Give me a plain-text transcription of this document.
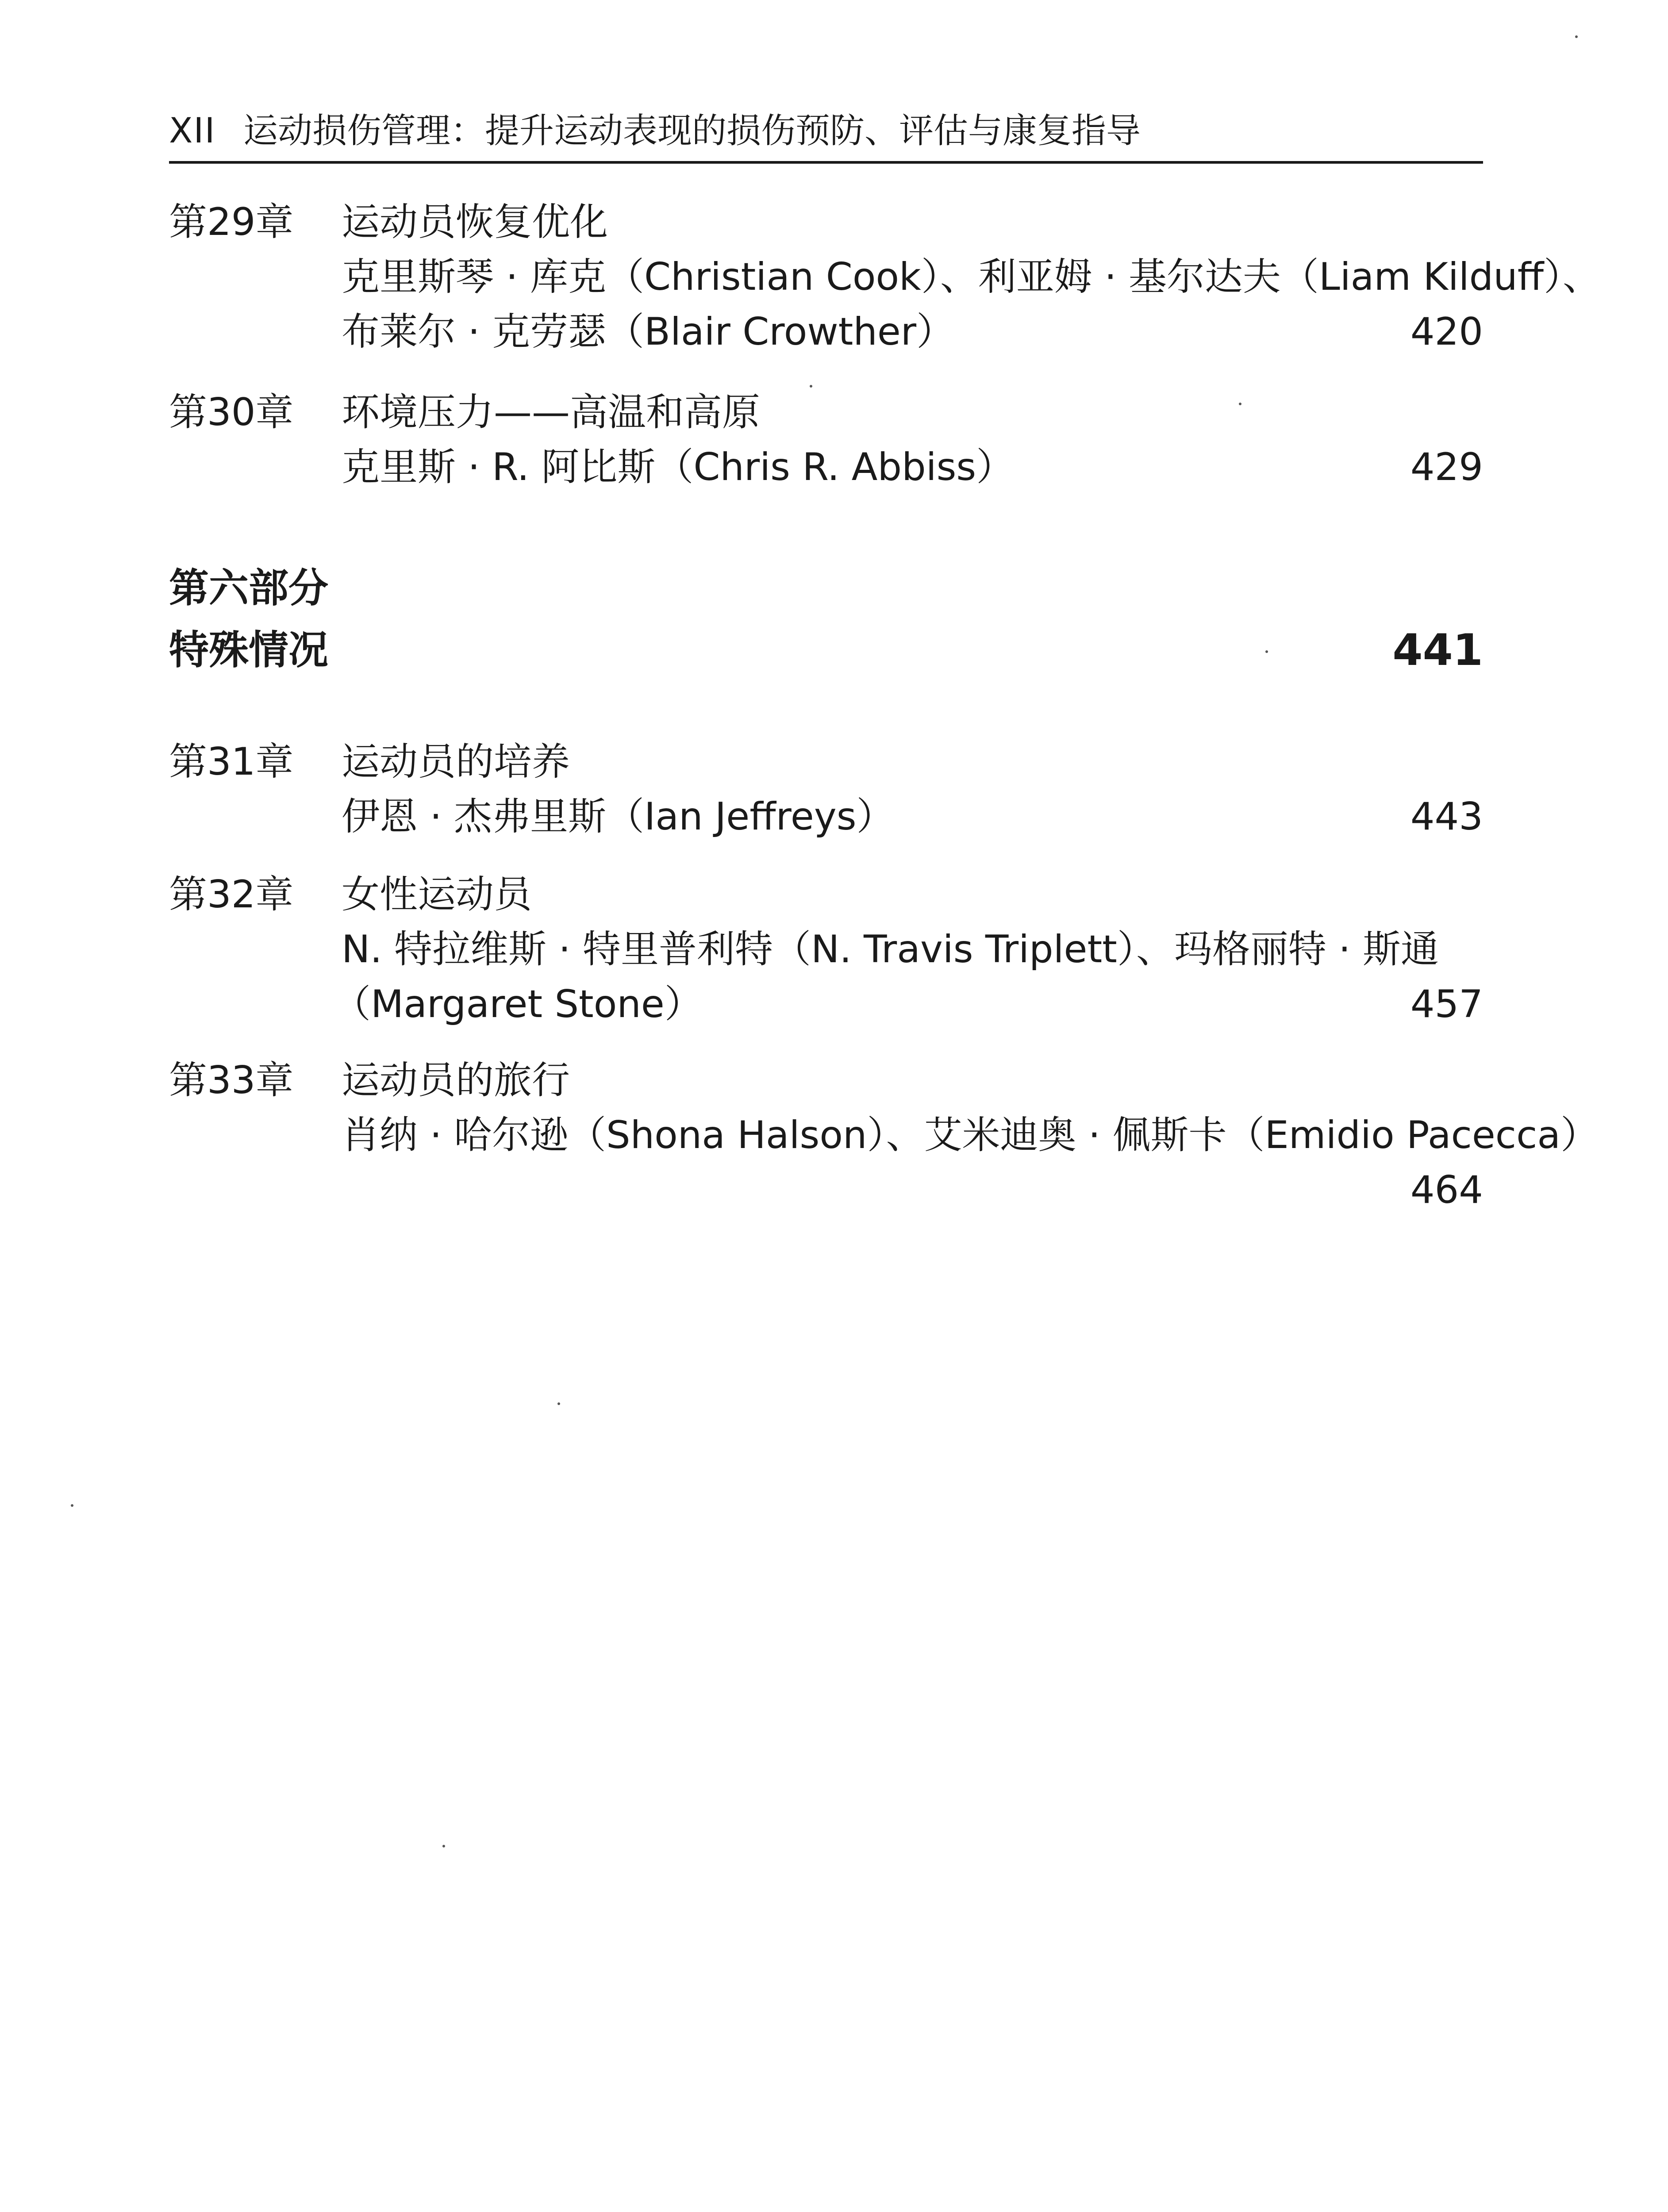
XII 运动损伤管理：提升运动表现的损伤预防、评估与康复指导
第29章 运动员恢复优化
克里斯琴 · 库克（Christian Cook）、利亚姆 · 基尔达夫（Liam Kilduff）、
布莱尔 · 克劳瑟（Blair Crowther）	420
第30章 环境压力——高温和高原
克里斯 · R. 阿比斯（Chris R. Abbiss）	429
第六部分
特殊情况	441
第31章 运动员的培养
伊恩 · 杰弗里斯（Ian Jeffreys）	443
第32章 女性运动员
N. 特拉维斯 · 特里普利特（N. Travis Triplett）、玛格丽特 · 斯通
（Margaret Stone）	457
第33章 运动员的旅行
肖纳 · 哈尔逊（Shona Halson）、艾米迪奥 · 佩斯卡（Emidio Pacecca）
464
